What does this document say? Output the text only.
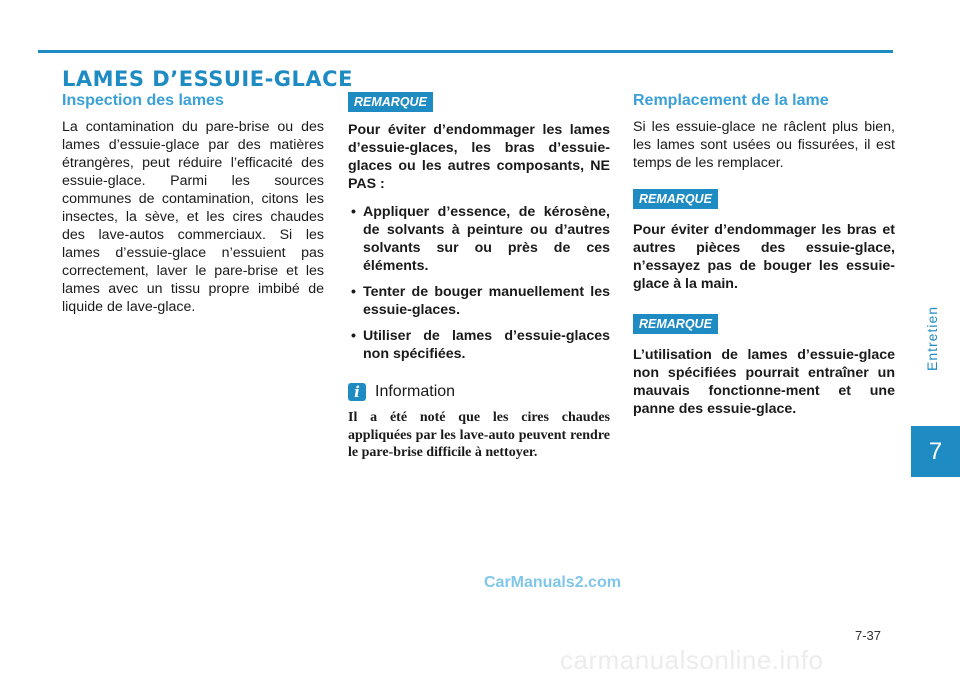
LAMES D’ESSUIE-GLACE
Inspection des lames

La contamination du pare-brise ou des lames d’essuie-glace par des matières étrangères, peut réduire l’efficacité des essuie-glace. Parmi les sources communes de contamination, citons les insectes, la sève, et les cires chaudes des lave-autos commerciaux. Si les lames d’essuie-glace n’essuient pas correctement, laver le pare-brise et les lames avec un tissu propre imbibé de liquide de lave-glace.

REMARQUE

Pour éviter d’endommager les lames d’essuie-glaces, les bras d’essuie-glaces ou les autres composants, NE PAS :

• Appliquer d’essence, de kérosène, de solvants à peinture ou d’autres solvants sur ou près de ces éléments.
• Tenter de bouger manuellement les essuie-glaces.
• Utiliser de lames d’essuie-glaces non spécifiées.
i Information

Il a été noté que les cires chaudes appliquées par les lave-auto peuvent rendre le pare-brise difficile à nettoyer.

Remplacement de la lame

Si les essuie-glace ne râclent plus bien, les lames sont usées ou fissurées, il est temps de les remplacer.

REMARQUE

Pour éviter d’endommager les bras et autres pièces des essuie-glace, n’essayez pas de bouger les essuie-glace à la main.

REMARQUE

L’utilisation de lames d’essuie-glace non spécifiées pourrait entraîner un mauvais fonctionne-ment et une panne des essuie-glace.

Entretien
7
CarManuals2.com
7-37
carmanualsonline.info
